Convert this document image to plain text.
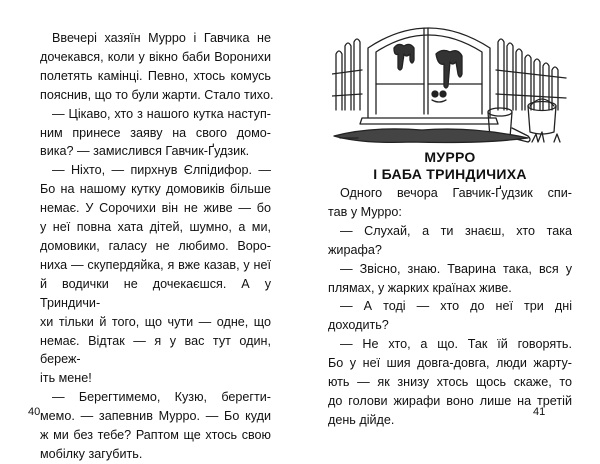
Ввечері хазяїн Мурро і Гавчика не
дочекався, коли у вікно баби Воронихи
полетять камінці. Певно, хтось комусь
пояснив, що то були жарти. Стало тихо.
— Цікаво, хто з нашого кутка наступ-
ним принесе заяву на свого домо-
вика? — замислився Гавчик-Ґудзик.
— Ніхто, — пирхнув Єлпідифор. —
Бо на нашому кутку домовиків більше
немає. У Сорочихи він не живе — бо
у неї повна хата дітей, шумно, а ми,
домовики, галасу не любимо. Воро-
ниха — скупердяйка, я вже казав, у неї
й водички не дочекаєшся. А у Триндичи-
хи тільки й того, що чути — одне, що
немає. Відтак — я у вас тут один, береж-
іть мене!
— Берегтимемо, Кузю, берегти-
мемо. — запевнив Мурро. — Бо куди
ж ми без тебе? Раптом ще хтось свою
мобілку загубить.
40
МУРРО
І БАБА ТРИНДИЧИХА
Одного вечора Гавчик-Ґудзик спи-
тав у Мурро:
— Слухай, а ти знаєш, хто така
жирафа?
— Звісно, знаю. Тварина така, вся у
плямах, у жарких країнах живе.
— А тоді — хто до неї три дні
доходить?
— Не хто, а що. Так їй говорять.
Бо у неї шия довга-довга, люди жарту-
ють — як знизу хтось щось скаже, то
до голови жирафи воно лише на третій
день дійде.
41
